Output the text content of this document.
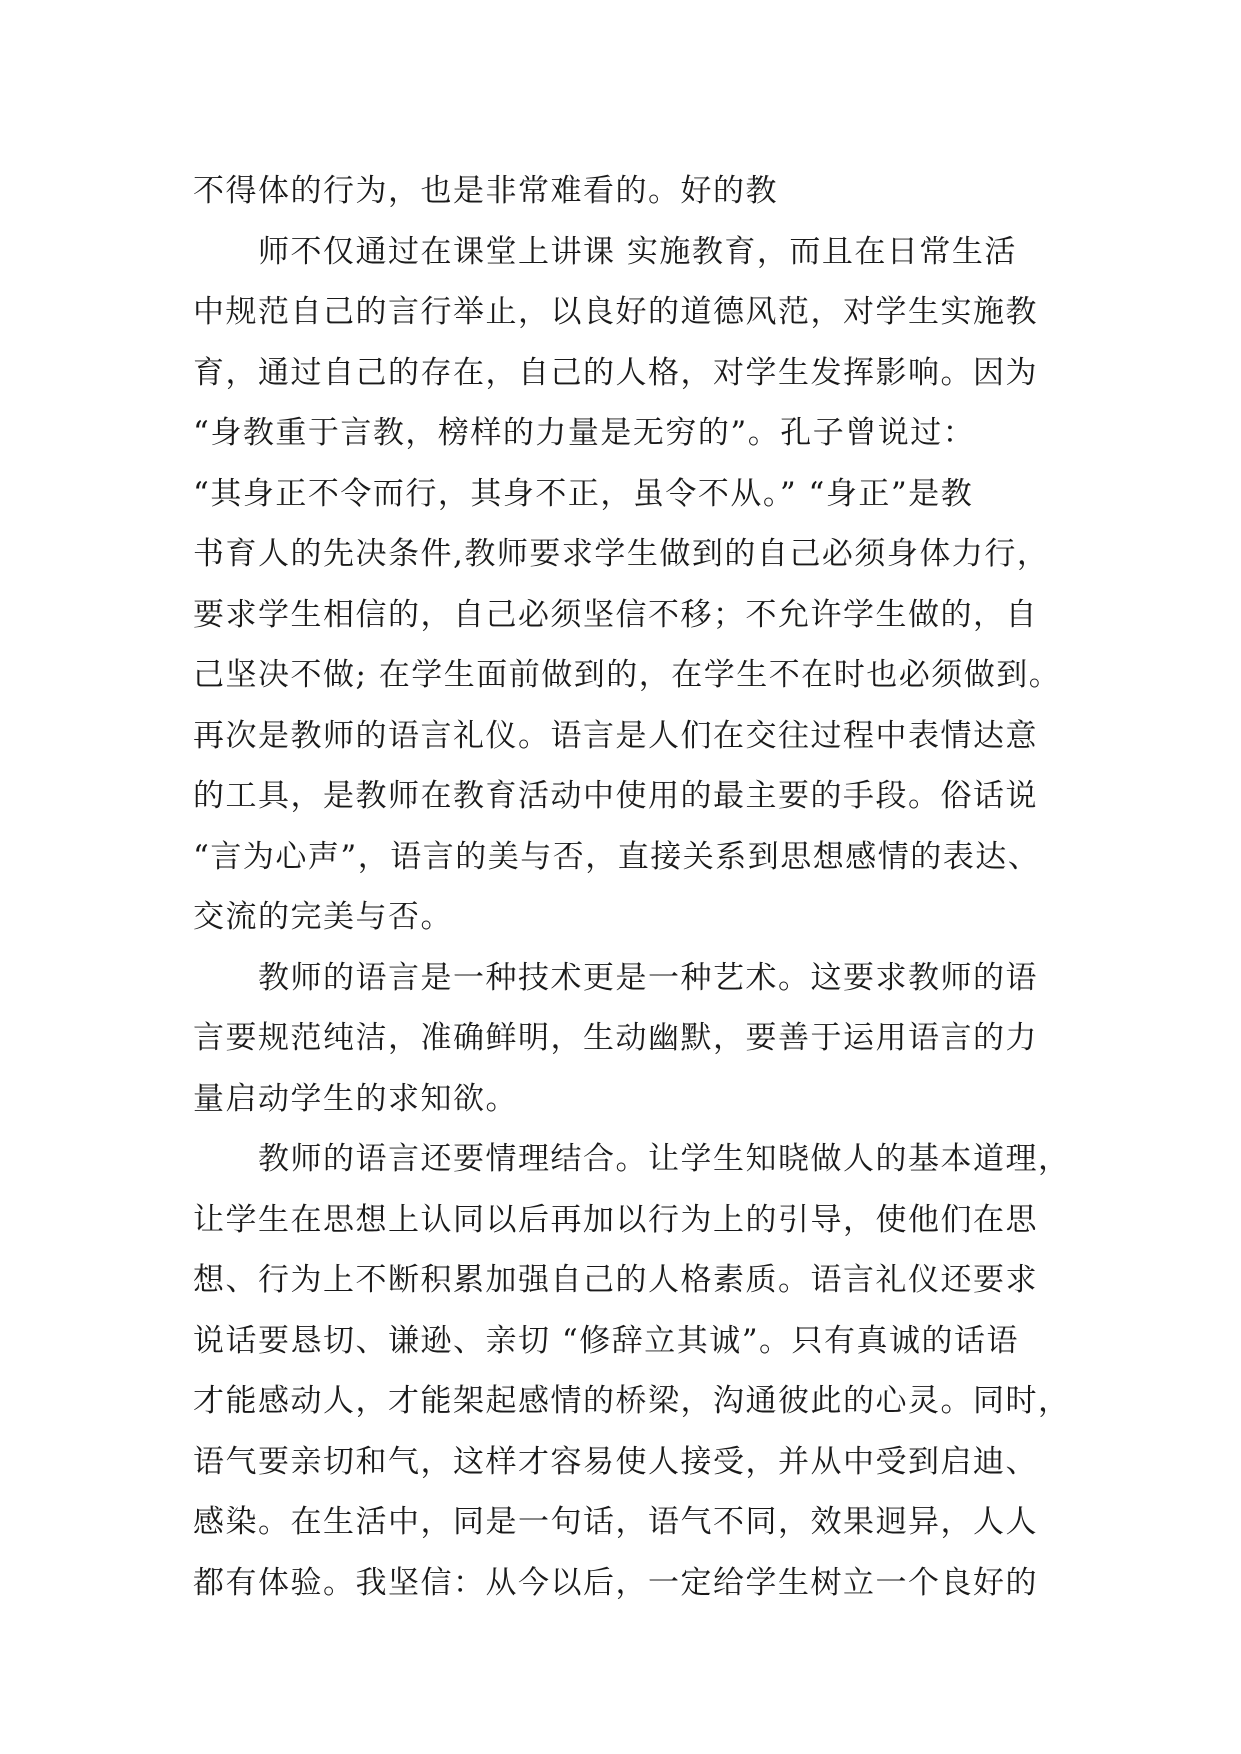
不得体的行为，也是非常难看的。好的教
　　师不仅通过在课堂上讲课 实施教育，而且在日常生活
中规范自己的言行举止，以良好的道德风范，对学生实施教
育，通过自己的存在，自己的人格，对学生发挥影响。因为
“身教重于言教，榜样的力量是无穷的”。孔子曾说过：
“其身正不令而行，其身不正，虽令不从。” “身正”是教
书育人的先决条件,教师要求学生做到的自己必须身体力行，
要求学生相信的，自己必须坚信不移；不允许学生做的，自
己坚决不做; 在学生面前做到的，在学生不在时也必须做到。
再次是教师的语言礼仪。语言是人们在交往过程中表情达意
的工具，是教师在教育活动中使用的最主要的手段。俗话说
“言为心声”，语言的美与否，直接关系到思想感情的表达、
交流的完美与否。
　　教师的语言是一种技术更是一种艺术。这要求教师的语
言要规范纯洁，准确鲜明，生动幽默，要善于运用语言的力
量启动学生的求知欲。
　　教师的语言还要情理结合。让学生知晓做人的基本道理，
让学生在思想上认同以后再加以行为上的引导，使他们在思
想、行为上不断积累加强自己的人格素质。语言礼仪还要求
说话要恳切、谦逊、亲切 “修辞立其诚”。只有真诚的话语
才能感动人，才能架起感情的桥梁，沟通彼此的心灵。同时，
语气要亲切和气，这样才容易使人接受，并从中受到启迪、
感染。在生活中，同是一句话，语气不同，效果迥异，人人
都有体验。我坚信：从今以后，一定给学生树立一个良好的
